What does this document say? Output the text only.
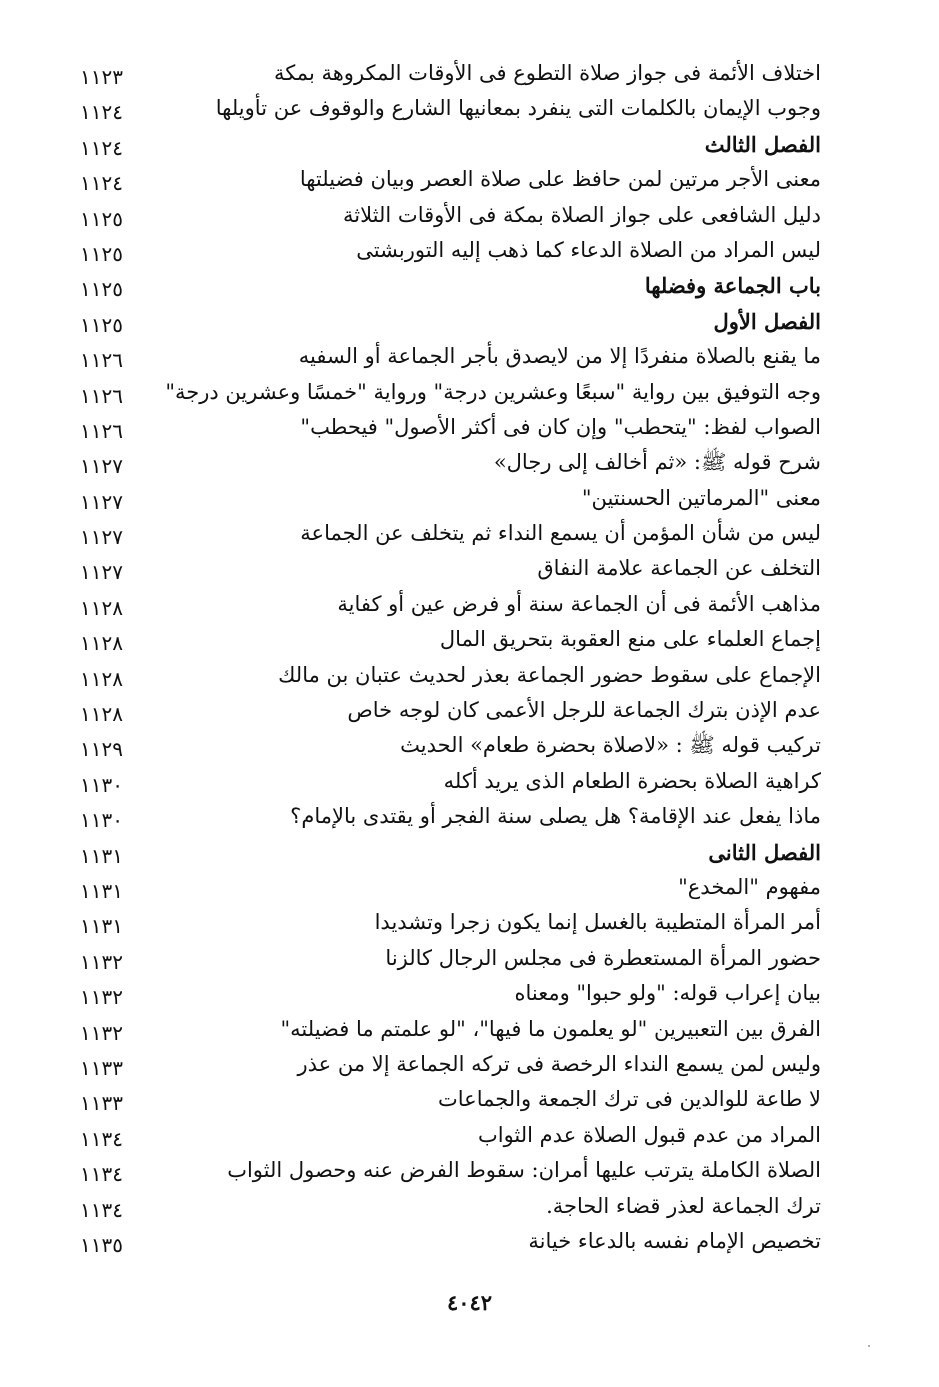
اختلاف الأئمة فى جواز صلاة التطوع فى الأوقات المكروهة بمكة
١١٢٣
وجوب الإيمان بالكلمات التى ينفرد بمعانيها الشارع والوقوف عن تأويلها
١١٢٤
الفصل الثالث
١١٢٤
معنى الأجر مرتين لمن حافظ على صلاة العصر وبيان فضيلتها
١١٢٤
دليل الشافعى على جواز الصلاة بمكة فى الأوقات الثلاثة
١١٢٥
ليس المراد من الصلاة الدعاء كما ذهب إليه التوربشتى
١١٢٥
باب الجماعة وفضلها
١١٢٥
الفصل الأول
١١٢٥
ما يقنع بالصلاة منفردًا إلا من لايصدق بأجر الجماعة أو السفيه
١١٢٦
وجه التوفيق بين رواية "سبعًا وعشرين درجة" ورواية "خمسًا وعشرين درجة"
١١٢٦
الصواب لفظ: "يتحطب" وإن كان فى أكثر الأصول" فيحطب"
١١٢٦
شرح قوله ﷺ: «ثم أخالف إلى رجال»
١١٢٧
معنى "المرماتين الحسنتين"
١١٢٧
ليس من شأن المؤمن أن يسمع النداء ثم يتخلف عن الجماعة
١١٢٧
التخلف عن الجماعة علامة النفاق
١١٢٧
مذاهب الأئمة فى أن الجماعة سنة أو فرض عين أو كفاية
١١٢٨
إجماع العلماء على منع العقوبة بتحريق المال
١١٢٨
الإجماع على سقوط حضور الجماعة بعذر لحديث عتبان بن مالك
١١٢٨
عدم الإذن بترك الجماعة للرجل الأعمى كان لوجه خاص
١١٢٨
تركيب قوله ﷺ : «لاصلاة بحضرة طعام» الحديث
١١٢٩
كراهية الصلاة بحضرة الطعام الذى يريد أكله
١١٣٠
ماذا يفعل عند الإقامة؟ هل يصلى سنة الفجر أو يقتدى بالإمام؟
١١٣٠
الفصل الثانى
١١٣١
مفهوم "المخدع"
١١٣١
أمر المرأة المتطيبة بالغسل إنما يكون زجرا وتشديدا
١١٣١
حضور المرأة المستعطرة فى مجلس الرجال كالزنا
١١٣٢
بيان إعراب قوله: "ولو حبوا" ومعناه
١١٣٢
الفرق بين التعبيرين "لو يعلمون ما فيها"، "لو علمتم ما فضيلته"
١١٣٢
وليس لمن يسمع النداء الرخصة فى تركه الجماعة إلا من عذر
١١٣٣
لا طاعة للوالدين فى ترك الجمعة والجماعات
١١٣٣
المراد من عدم قبول الصلاة عدم الثواب
١١٣٤
الصلاة الكاملة يترتب عليها أمران: سقوط الفرض عنه وحصول الثواب
١١٣٤
ترك الجماعة لعذر قضاء الحاجة.
١١٣٤
تخصيص الإمام نفسه بالدعاء خيانة
١١٣٥
٤٠٤٢
